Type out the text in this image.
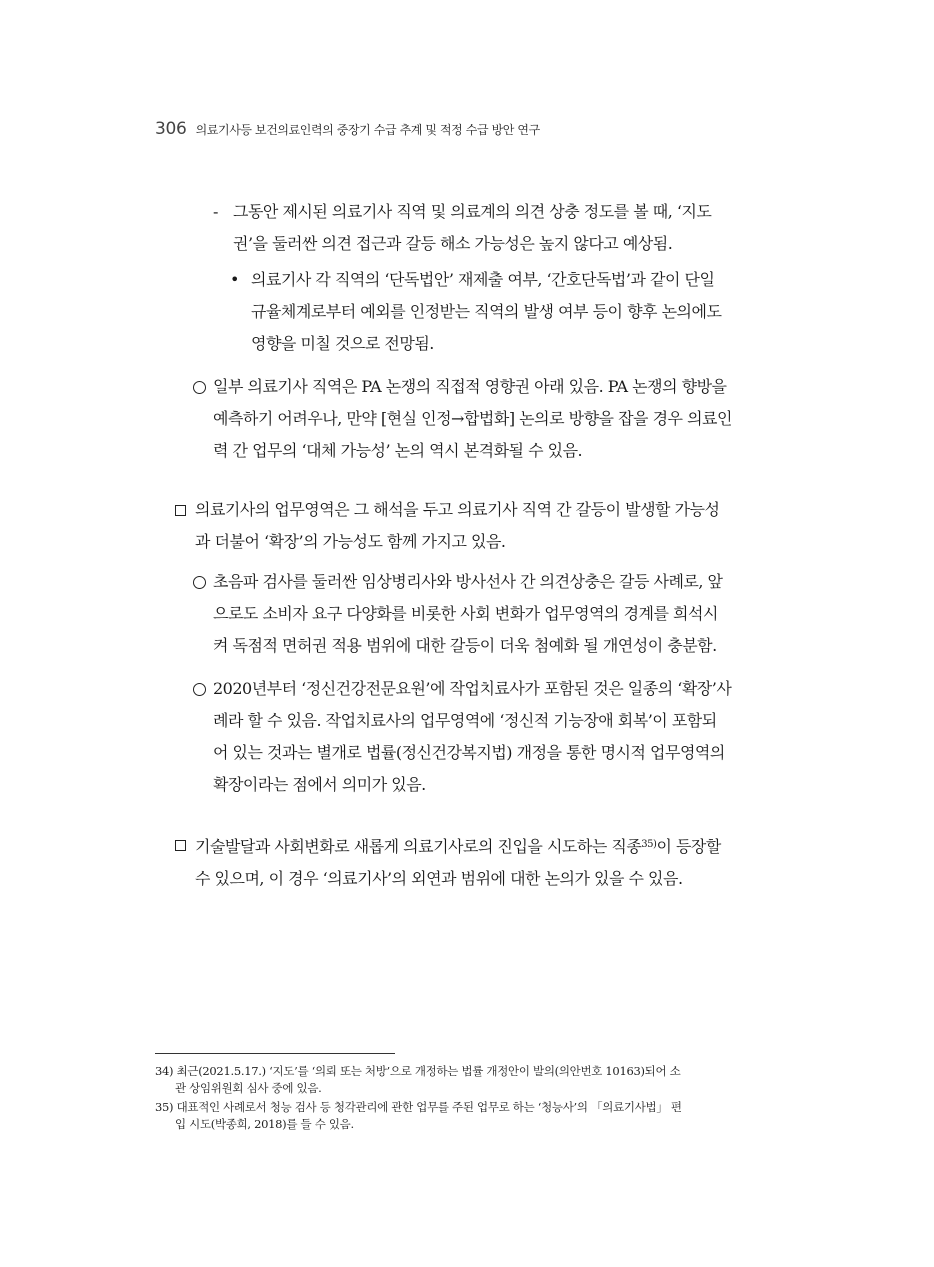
306 의료기사등 보건의료인력의 중장기 수급 추계 및 적정 수급 방안 연구
- 그동안 제시된 의료기사 직역 및 의료계의 의견 상충 정도를 볼 때, ‘지도
권’을 둘러싼 의견 접근과 갈등 해소 가능성은 높지 않다고 예상됨.
• 의료기사 각 직역의 ‘단독법안’ 재제출 여부, ‘간호단독법’과 같이 단일
규율체계로부터 예외를 인정받는 직역의 발생 여부 등이 향후 논의에도
영향을 미칠 것으로 전망됨.
일부 의료기사 직역은 PA 논쟁의 직접적 영향권 아래 있음. PA 논쟁의 향방을
예측하기 어려우나, 만약 [현실 인정→합법화] 논의로 방향을 잡을 경우 의료인
력 간 업무의 ‘대체 가능성’ 논의 역시 본격화될 수 있음.
의료기사의 업무영역은 그 해석을 두고 의료기사 직역 간 갈등이 발생할 가능성
과 더불어 ‘확장’의 가능성도 함께 가지고 있음.
초음파 검사를 둘러싼 임상병리사와 방사선사 간 의견상충은 갈등 사례로, 앞
으로도 소비자 요구 다양화를 비롯한 사회 변화가 업무영역의 경계를 희석시
켜 독점적 면허권 적용 범위에 대한 갈등이 더욱 첨예화 될 개연성이 충분함.
2020년부터 ‘정신건강전문요원’에 작업치료사가 포함된 것은 일종의 ‘확장’사
례라 할 수 있음. 작업치료사의 업무영역에 ‘정신적 기능장애 회복’이 포함되
어 있는 것과는 별개로 법률(정신건강복지법) 개정을 통한 명시적 업무영역의
확장이라는 점에서 의미가 있음.
기술발달과 사회변화로 새롭게 의료기사로의 진입을 시도하는 직종$^{35)}$이 등장할
수 있으며, 이 경우 ‘의료기사’의 외연과 범위에 대한 논의가 있을 수 있음.
34) 최근(2021.5.17.) ‘지도’를 ‘의뢰 또는 처방’으로 개정하는 법률 개정안이 발의(의안번호 10163)되어 소
관 상임위원회 심사 중에 있음.
35) 대표적인 사례로서 청능 검사 등 청각관리에 관한 업무를 주된 업무로 하는 ‘청능사’의 「의료기사법」 편
입 시도(박종희, 2018)를 들 수 있음.
